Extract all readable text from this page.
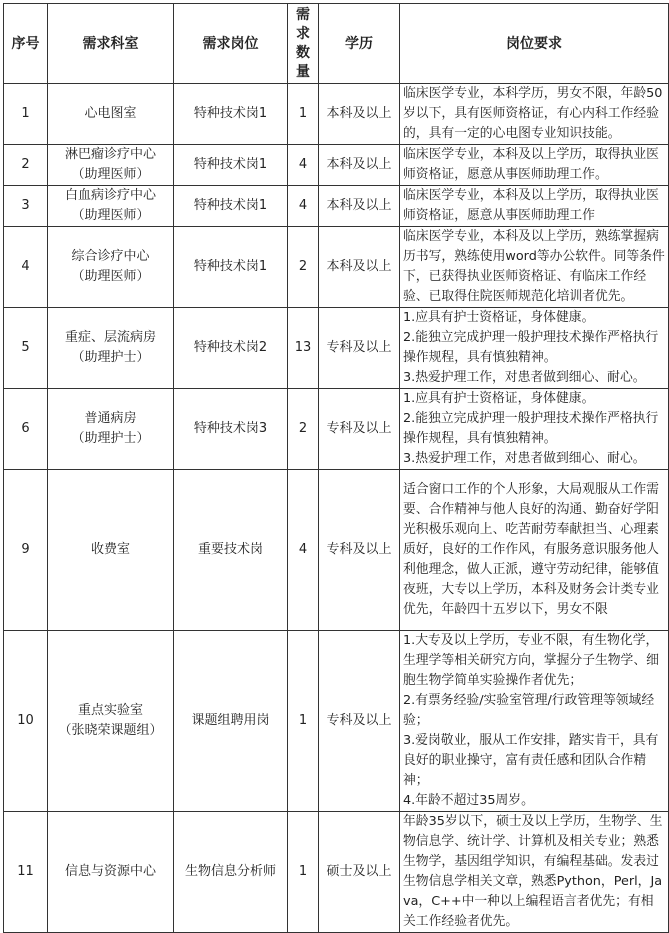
序号	需求科室	需求岗位	需求数量	学历	岗位要求
1	心电图室	特种技术岗1	1	本科及以上	临床医学专业，本科学历，男女不限，年龄50岁以下，具有医师资格证，有心内科工作经验的，具有一定的心电图专业知识技能。

2	淋巴瘤诊疗中心
（助理医师）	特种技术岗1	4	本科及以上	临床医学专业，本科及以上学历，取得执业医师资格证，愿意从事医师助理工作。

3	白血病诊疗中心
（助理医师）	特种技术岗1	4	本科及以上	临床医学专业，本科及以上学历，取得执业医师资格证，愿意从事医师助理工作

4	综合诊疗中心
（助理医师）	特种技术岗1	2	本科及以上	临床医学专业，本科及以上学历，熟练掌握病历书写，熟练使用word等办公软件。同等条件下，已获得执业医师资格证、有临床工作经验、已取得住院医师规范化培训者优先。

5	重症、层流病房
（助理护士）	特种技术岗2	13	专科及以上	1.应具有护士资格证，身体健康。
2.能独立完成护理一般护理技术操作严格执行操作规程，具有慎独精神。
3.热爱护理工作，对患者做到细心、耐心。

6	普通病房
（助理护士）	特种技术岗3	2	专科及以上	1.应具有护士资格证，身体健康。
2.能独立完成护理一般护理技术操作严格执行操作规程，具有慎独精神。
3.热爱护理工作，对患者做到细心、耐心。

9	收费室	重要技术岗	4	专科及以上	适合窗口工作的个人形象，大局观服从工作需要、合作精神与他人良好的沟通、勤奋好学阳光积极乐观向上、吃苦耐劳奉献担当、心理素质好，良好的工作作风，有服务意识服务他人利他理念，做人正派，遵守劳动纪律，能够值夜班，大专以上学历，本科及财务会计类专业优先，年龄四十五岁以下，男女不限

10	重点实验室
（张晓荣课题组）	课题组聘用岗	1	专科及以上	1.大专及以上学历，专业不限，有生物化学，生理学等相关研究方向，掌握分子生物学、细胞生物学简单实验操作者优先；
2.有票务经验/实验室管理/行政管理等领域经验；
3.爱岗敬业，服从工作安排，踏实肯干，具有良好的职业操守，富有责任感和团队合作精神；
4.年龄不超过35周岁。

11	信息与资源中心	生物信息分析师	1	硕士及以上	年龄35岁以下，硕士及以上学历，生物学、生物信息学、统计学、计算机及相关专业；熟悉生物学，基因组学知识，有编程基础。发表过生物信息学相关文章，熟悉Python，Perl，Java，C++中一种以上编程语言者优先；有相关工作经验者优先。
